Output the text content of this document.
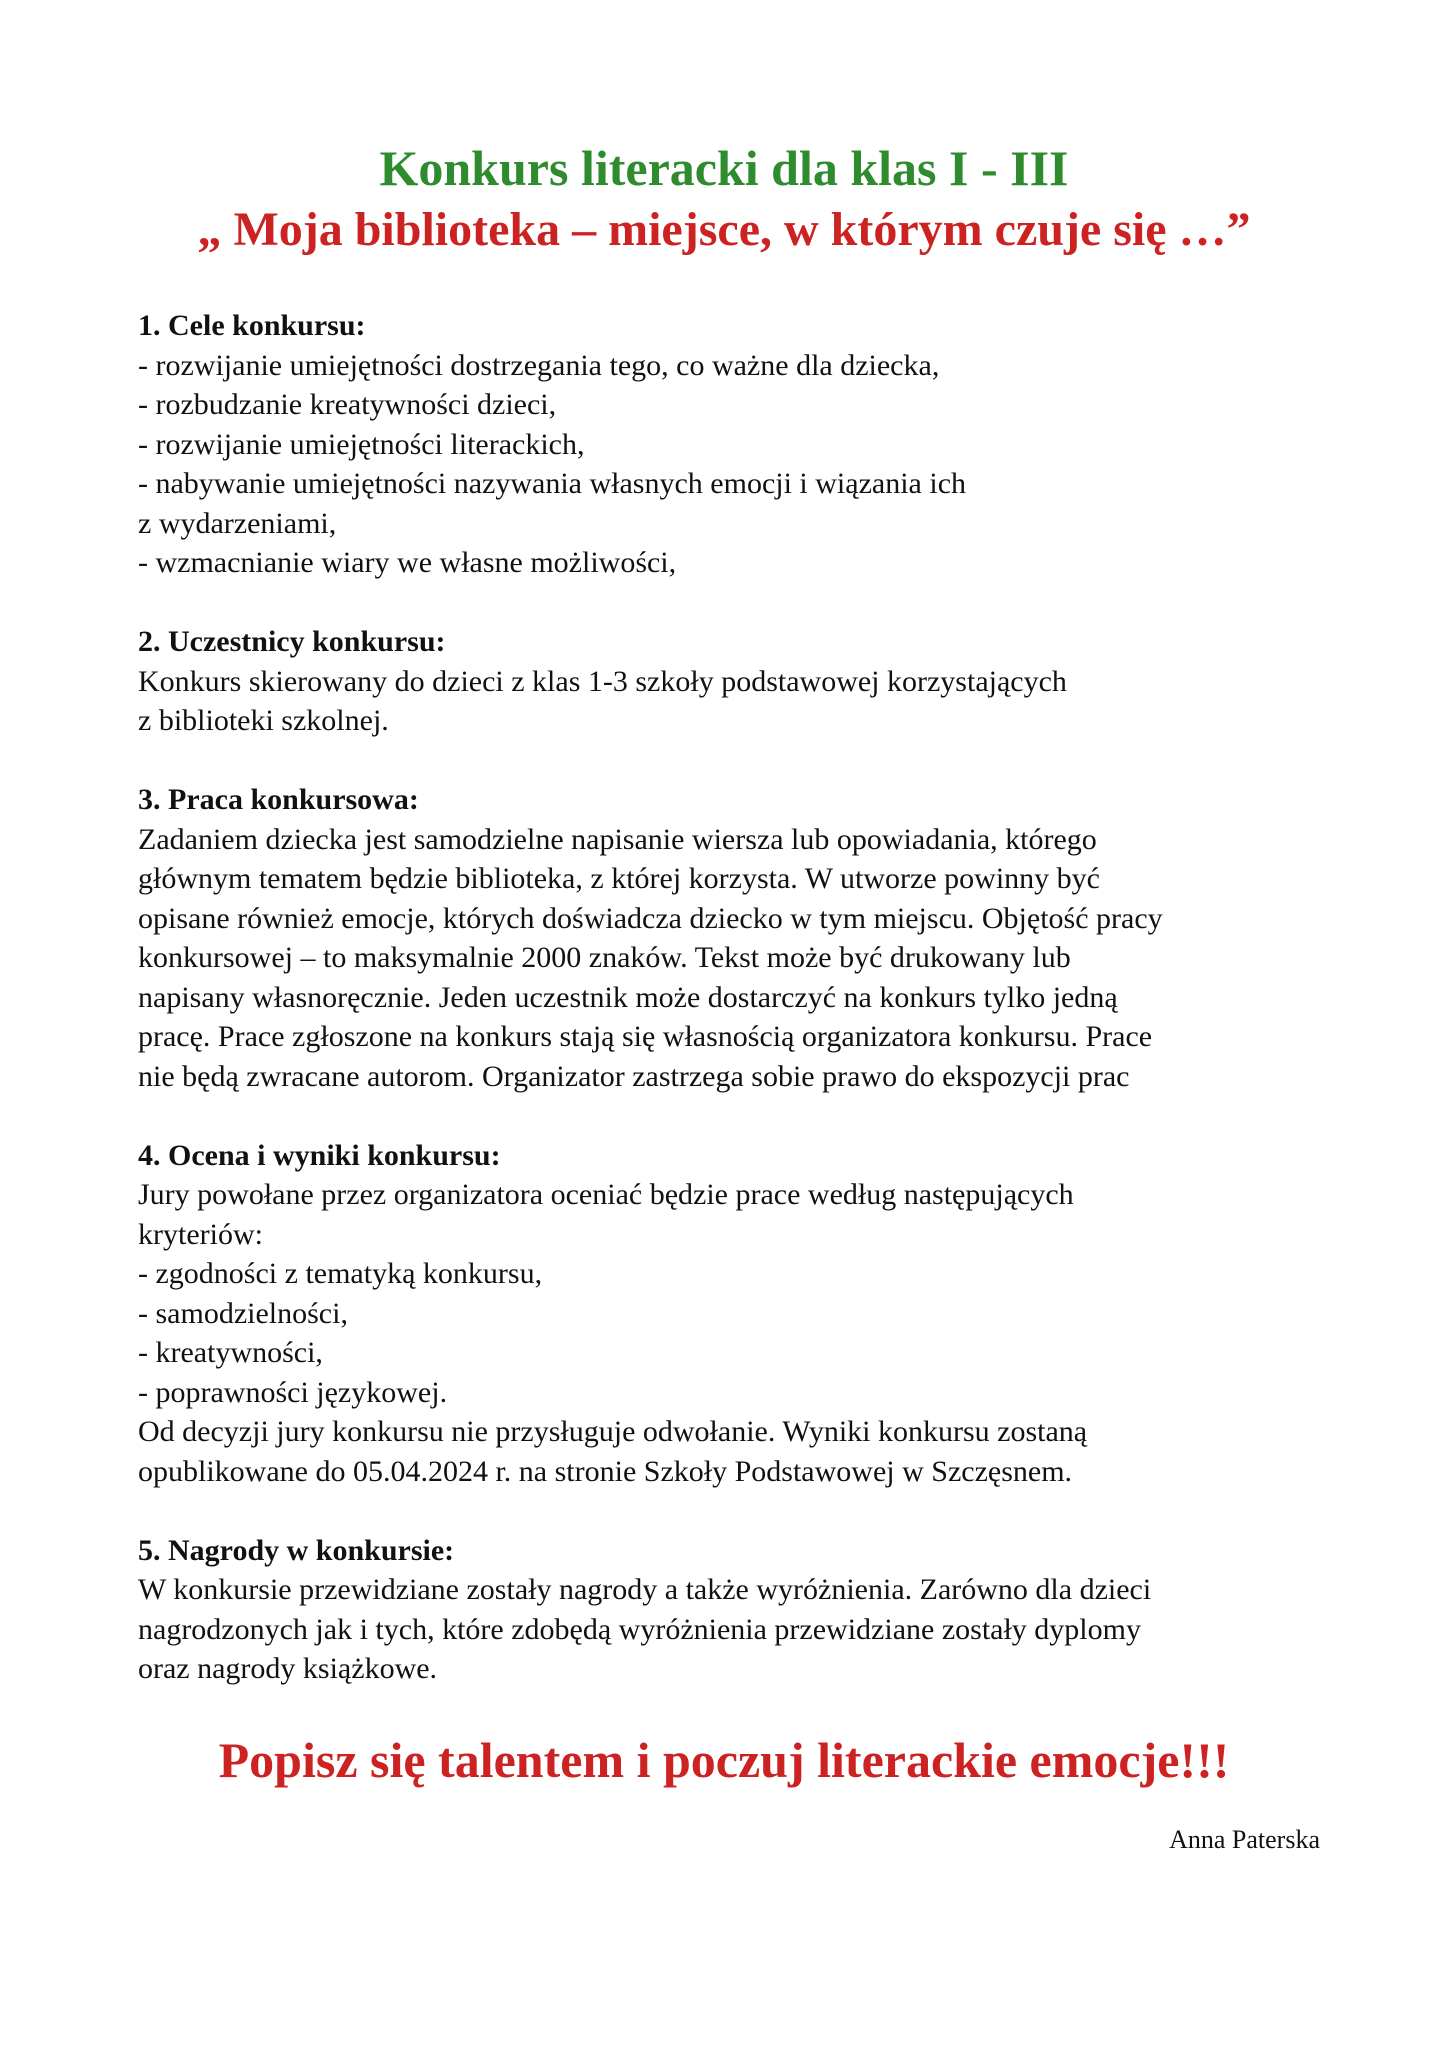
Konkurs literacki dla klas I - III
„ Moja biblioteka – miejsce, w którym czuje się …”

1. Cele konkursu:

- rozwijanie umiejętności dostrzegania tego, co ważne dla dziecka,

- rozbudzanie kreatywności dzieci,

- rozwijanie umiejętności literackich,

- nabywanie umiejętności nazywania własnych emocji i wiązania ich

z wydarzeniami,

- wzmacnianie wiary we własne możliwości,

2. Uczestnicy konkursu:

Konkurs skierowany do dzieci z klas 1-3 szkoły podstawowej korzystających

z biblioteki szkolnej.

3. Praca konkursowa:

Zadaniem dziecka jest samodzielne napisanie wiersza lub opowiadania, którego

głównym tematem będzie biblioteka, z której korzysta. W utworze powinny być

opisane również emocje, których doświadcza dziecko w tym miejscu. Objętość pracy

konkursowej – to maksymalnie 2000 znaków. Tekst może być drukowany lub

napisany własnoręcznie. Jeden uczestnik może dostarczyć na konkurs tylko jedną

pracę. Prace zgłoszone na konkurs stają się własnością organizatora konkursu. Prace

nie będą zwracane autorom. Organizator zastrzega sobie prawo do ekspozycji prac

4. Ocena i wyniki konkursu:

Jury powołane przez organizatora oceniać będzie prace według następujących

kryteriów:

- zgodności z tematyką konkursu,

- samodzielności,

- kreatywności,

- poprawności językowej.

Od decyzji jury konkursu nie przysługuje odwołanie. Wyniki konkursu zostaną

opublikowane do 05.04.2024 r. na stronie Szkoły Podstawowej w Szczęsnem.

5. Nagrody w konkursie:

W konkursie przewidziane zostały nagrody a także wyróżnienia. Zarówno dla dzieci

nagrodzonych jak i tych, które zdobędą wyróżnienia przewidziane zostały dyplomy

oraz nagrody książkowe.

Popisz się talentem i poczuj literackie emocje!!!

Anna Paterska
